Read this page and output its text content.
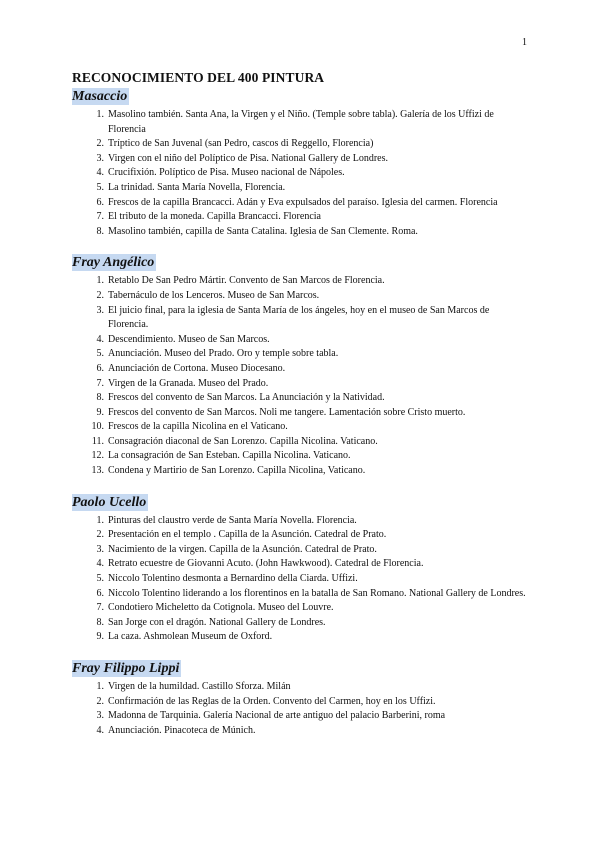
1
RECONOCIMIENTO DEL 400 PINTURA
Masaccio
1. Masolino también. Santa Ana, la Virgen y el Niño. (Temple sobre tabla). Galería de los Uffizi de Florencia
2. Tríptico de San Juvenal (san Pedro, cascos di Reggello, Florencia)
3. Virgen con el niño del Políptico de Pisa. National Gallery de Londres.
4. Crucifixión. Políptico de Pisa. Museo nacional de Nápoles.
5. La trinidad. Santa María Novella, Florencia.
6. Frescos de la capilla Brancacci. Adán y Eva expulsados del paraíso. Iglesia del carmen. Florencia
7. El tributo de la moneda. Capilla Brancacci. Florencia
8. Masolino también, capilla de Santa Catalina. Iglesia de San Clemente. Roma.
Fray Angélico
1. Retablo De San Pedro Mártir. Convento de San Marcos de Florencia.
2. Tabernáculo de los Lenceros. Museo de San Marcos.
3. El juicio final, para la iglesia de Santa María de los ángeles, hoy en el museo de San Marcos de Florencia.
4. Descendimiento. Museo de San Marcos.
5. Anunciación. Museo del Prado. Oro y temple sobre tabla.
6. Anunciación de Cortona. Museo Diocesano.
7. Virgen de la Granada. Museo del Prado.
8. Frescos del convento de San Marcos. La Anunciación y la Natividad.
9. Frescos del convento de San Marcos. Noli me tangere. Lamentación sobre Cristo muerto.
10. Frescos de la capilla Nicolina en el Vaticano.
11. Consagración diaconal de San Lorenzo. Capilla Nicolina. Vaticano.
12. La consagración de San Esteban. Capilla Nicolina. Vaticano.
13. Condena y Martirio de San Lorenzo. Capilla Nicolina, Vaticano.
Paolo Ucello
1. Pinturas del claustro verde de Santa María Novella. Florencia.
2. Presentación en el templo . Capilla de la Asunción. Catedral de Prato.
3. Nacimiento de la virgen. Capilla de la Asunción. Catedral de Prato.
4. Retrato ecuestre de Giovanni Acuto. (John Hawkwood). Catedral de Florencia.
5. Niccolo Tolentino desmonta a Bernardino della Ciarda. Uffizi.
6. Niccolo Tolentino liderando a los florentinos en la batalla de San Romano. National Gallery de Londres.
7. Condotiero Micheletto da Cotignola. Museo del Louvre.
8. San Jorge con el dragón. National Gallery de Londres.
9. La caza. Ashmolean Museum de Oxford.
Fray Filippo Lippi
1. Virgen de la humildad. Castillo Sforza. Milán
2. Confirmación de las Reglas de la Orden. Convento del Carmen, hoy en los Uffizi.
3. Madonna de Tarquinia. Galería Nacional de arte antiguo del palacio Barberini, roma
4. Anunciación. Pinacoteca de Múnich.
